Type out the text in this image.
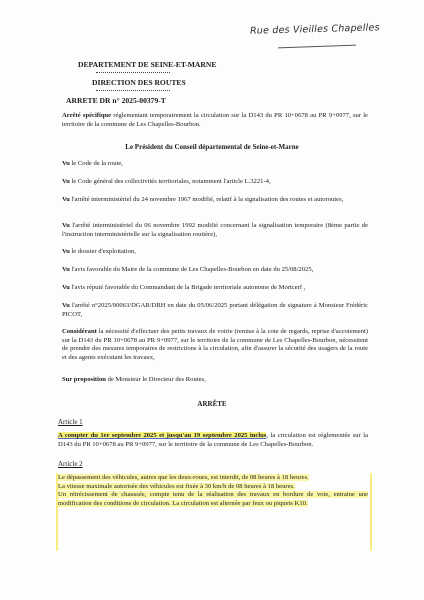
Rue des Vieilles Chapelles
DEPARTEMENT DE SEINE-ET-MARNE
DIRECTION DES ROUTES
ARRETE DR n° 2025-00379-T
Arrêté spécifique réglementant temporairement la circulation sur la D143 du PR 10+0678 au PR 9+0977, sur le territoire de la commune de Les Chapelles-Bourbon.
Le Président du Conseil départemental de Seine-et-Marne
Vu le Code de la route,
Vu le Code général des collectivités territoriales, notamment l'article L.3221-4,
Vu l'arrêté interministériel du 24 novembre 1967 modifié, relatif à la signalisation des routes et autoroutes,
Vu l'arrêté interministériel du 06 novembre 1992 modifié concernant la signalisation temporaire (8ème partie de l'instruction interministérielle sur la signalisation routière),
Vu le dossier d'exploitation,
Vu l'avis favorable du Maire de la commune de Les Chapelles-Bourbon en date du 25/08/2025,
Vu l'avis réputé favorable du Commandant de la Brigade territoriale autonome de Mortcerf ,
Vu l'arrêté n°2025/00063/DGAR/DRH en date du 05/06/2025 portant délégation de signature à Monsieur Frédéric PICOT,
Considérant la nécessité d'effectuer des petits travaux de voirie (remise à la cote de regards, reprise d'accotement) sur la D143 du PR 10+0678 au PR 9+0977, sur le territoire de la commune de Les Chapelles-Bourbon, nécessitent de prendre des mesures temporaires de restrictions à la circulation, afin d'assurer la sécurité des usagers de la route et des agents exécutant les travaux,
Sur proposition de Monsieur le Directeur des Routes,
ARRÊTE
Article 1
A compter du 1er septembre 2025 et jusqu'au 19 septembre 2025 inclus, la circulation est réglementée sur la D143 du PR 10+0678 au PR 9+0977, sur le territoire de la commune de Les Chapelles-Bourbon.
Article 2
Le dépassement des véhicules, autres que les deux-roues, est interdit, de 08 heures à 18 heures.
La vitesse maximale autorisée des véhicules est fixée à 30 km/h de 08 heures à 18 heures.
Un rétrécissement de chaussée, compte tenu de la réalisation des travaux en bordure de voie, entraine une modification des conditions de circulation. La circulation est alternée par feux ou piquets K10.
